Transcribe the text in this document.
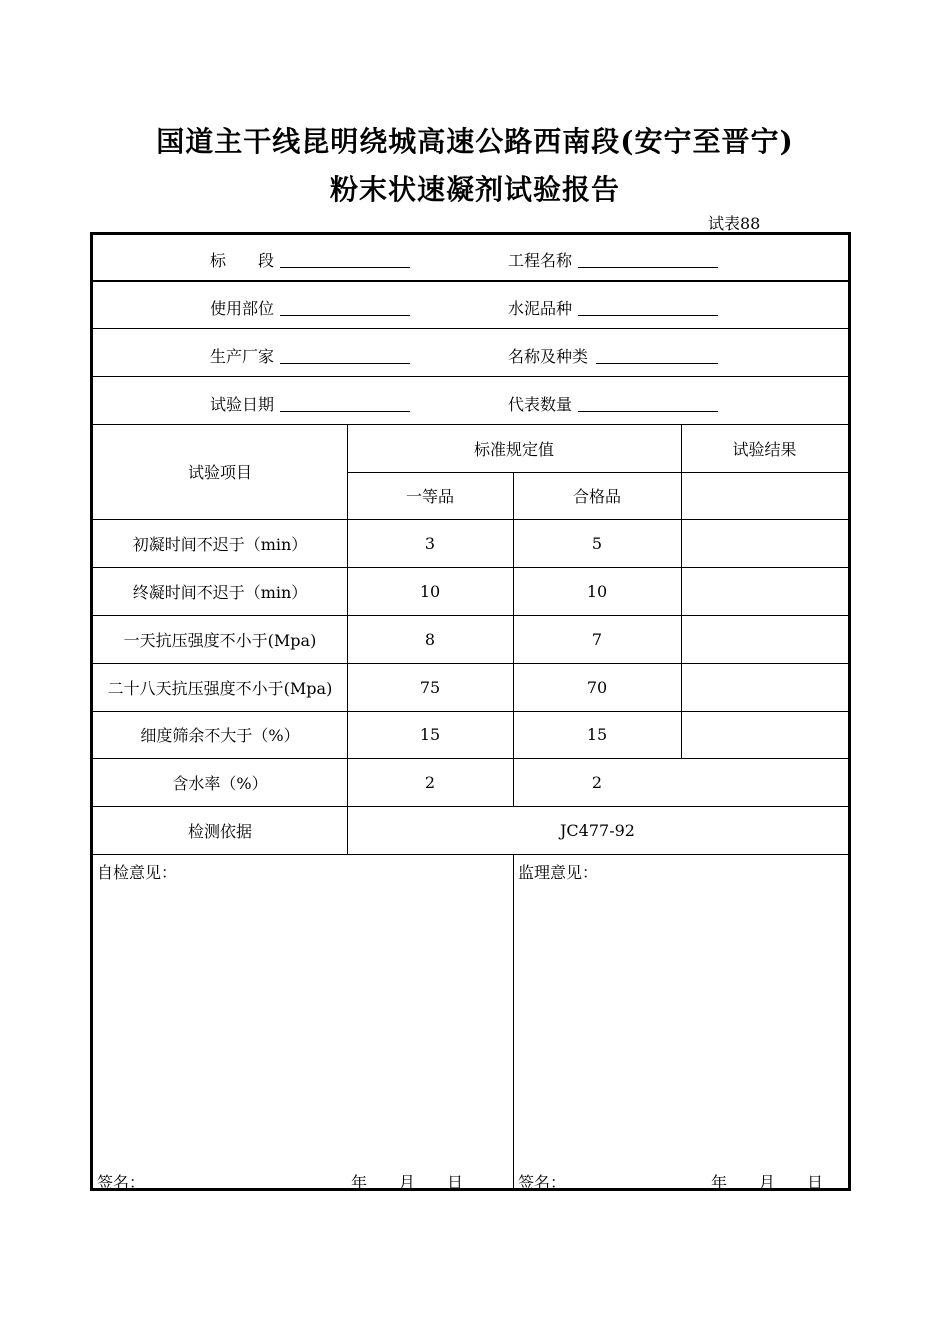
国道主干线昆明绕城高速公路西南段(安宁至晋宁)
粉末状速凝剂试验报告
试表88
标　　段	工程名称
使用部位	水泥品种
生产厂家	名称及种类
试验日期	代表数量
试验项目
标准规定值	试验结果
一等品	合格品
初凝时间不迟于（min）	3	5
终凝时间不迟于（min）	10	10
一天抗压强度不小于(Mpa)	8	7
二十八天抗压强度不小于(Mpa)	75	70
细度筛余不大于（%）	15	15
含水率（%）	2	2
检测依据	JC477-92
自检意见：	监理意见：
签名：	年　　月　　日	签名：	年　　月　　日
